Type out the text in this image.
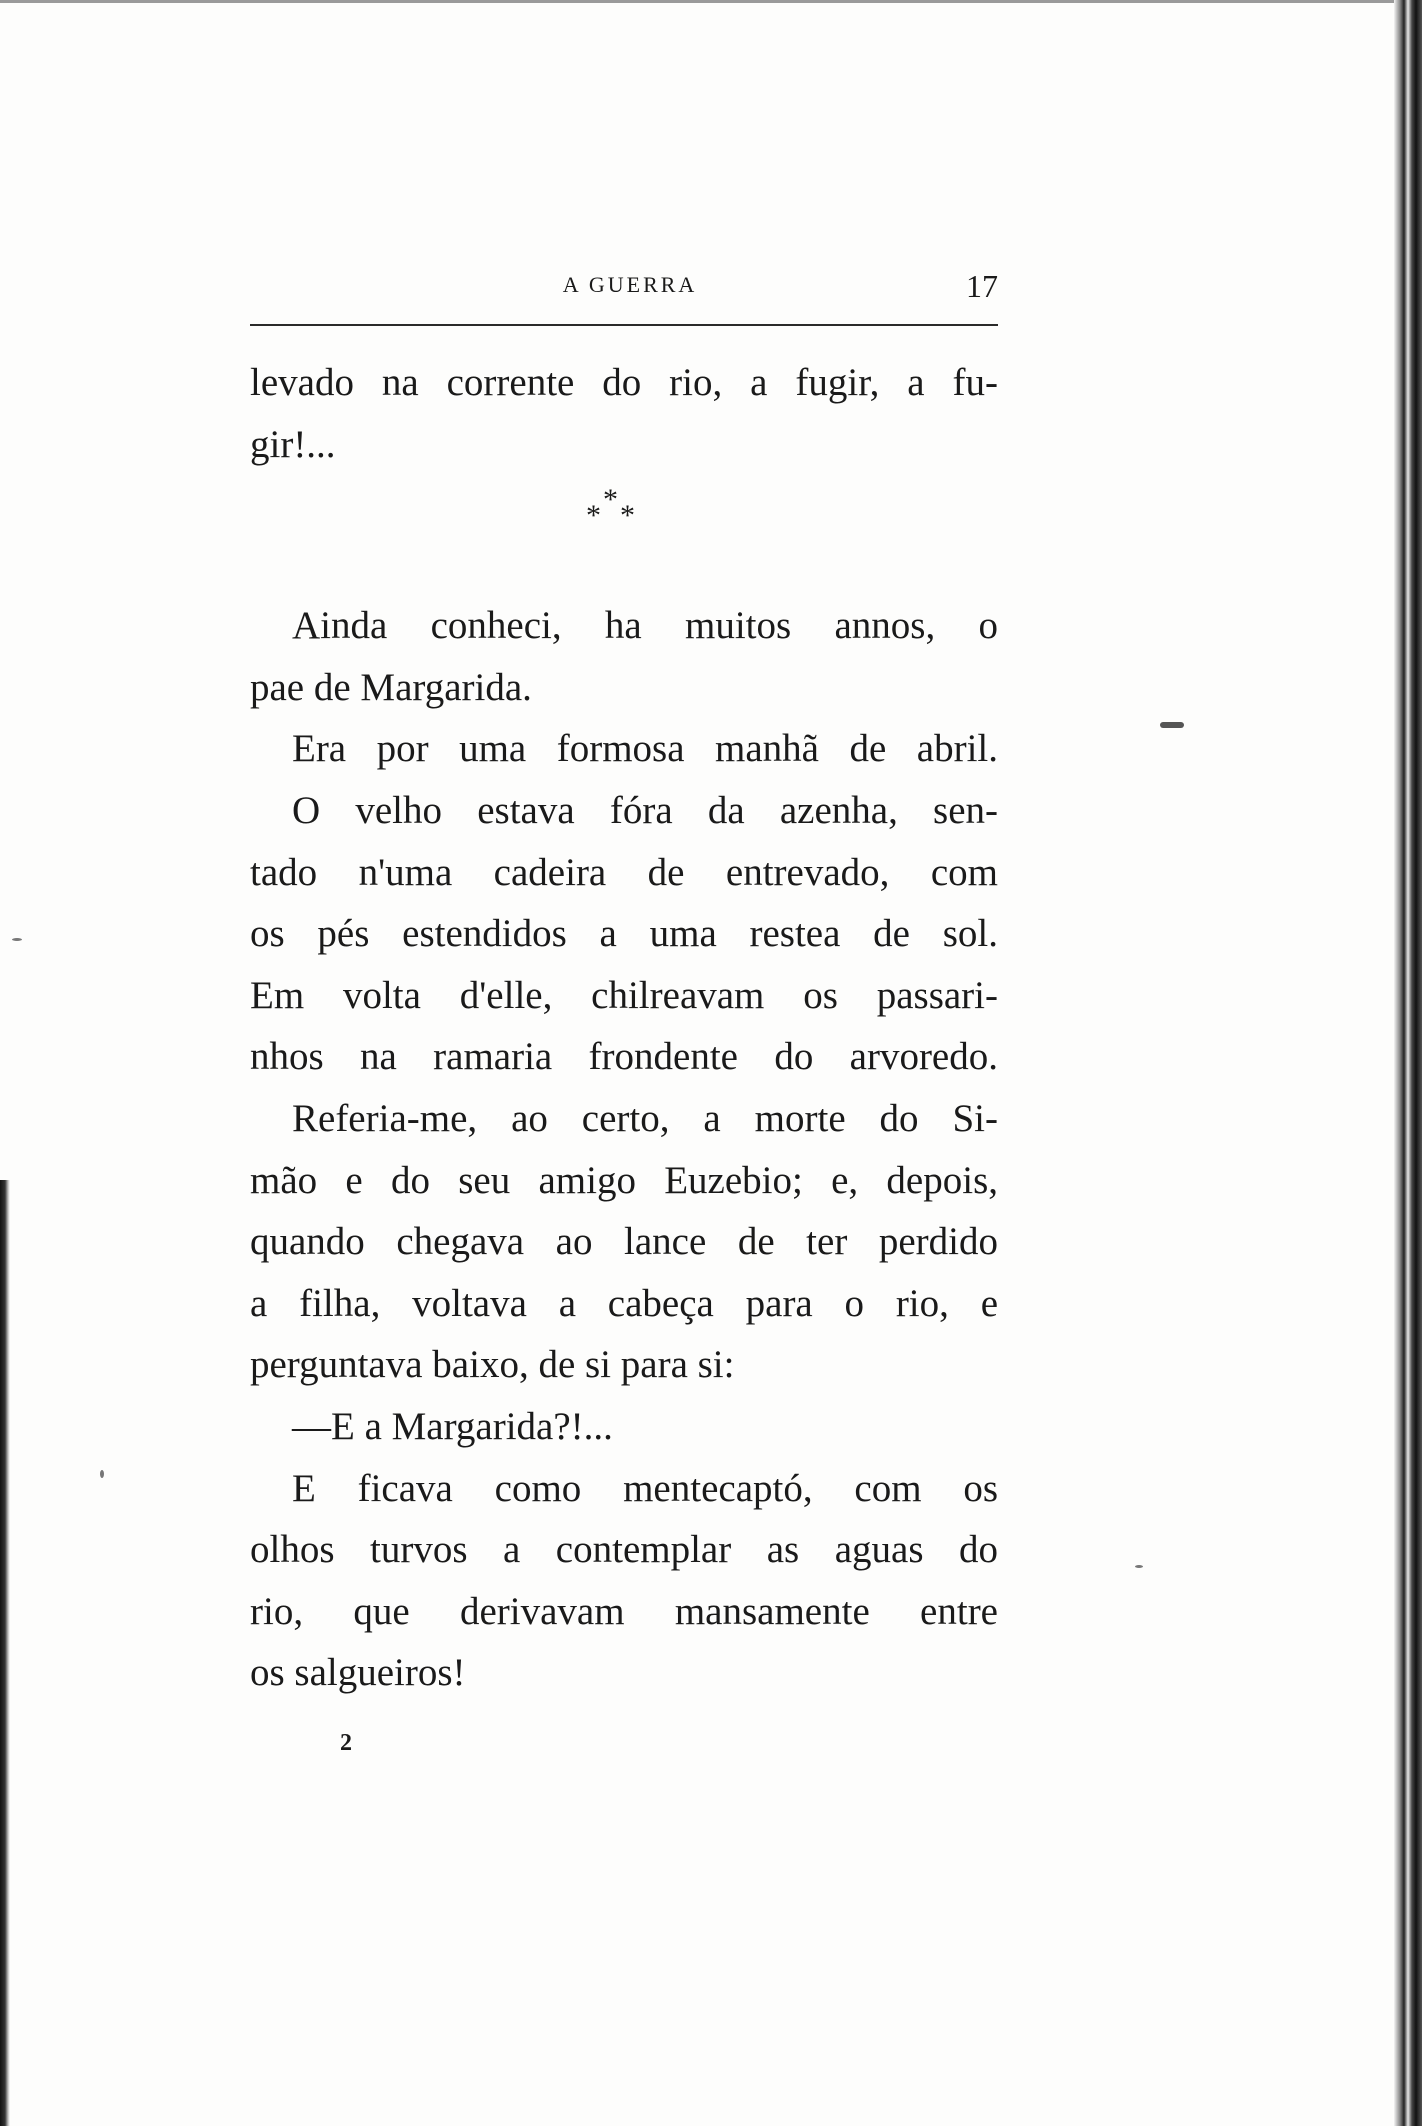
A GUERRA	17
levado na corrente do rio, a fugir, a fu-
gir!...
*
* *
Ainda conheci, ha muitos annos, o
pae de Margarida.
Era por uma formosa manhã de abril.
O velho estava fóra da azenha, sen-
tado n'uma cadeira de entrevado, com
os pés estendidos a uma restea de sol.
Em volta d'elle, chilreavam os passari-
nhos na ramaria frondente do arvoredo.
Referia-me, ao certo, a morte do Si-
mão e do seu amigo Euzebio; e, depois,
quando chegava ao lance de ter perdido
a filha, voltava a cabeça para o rio, e
perguntava baixo, de si para si:
—E a Margarida?!...
E ficava como mentecaptó, com os
olhos turvos a contemplar as aguas do
rio, que derivavam mansamente entre
os salgueiros!
2
